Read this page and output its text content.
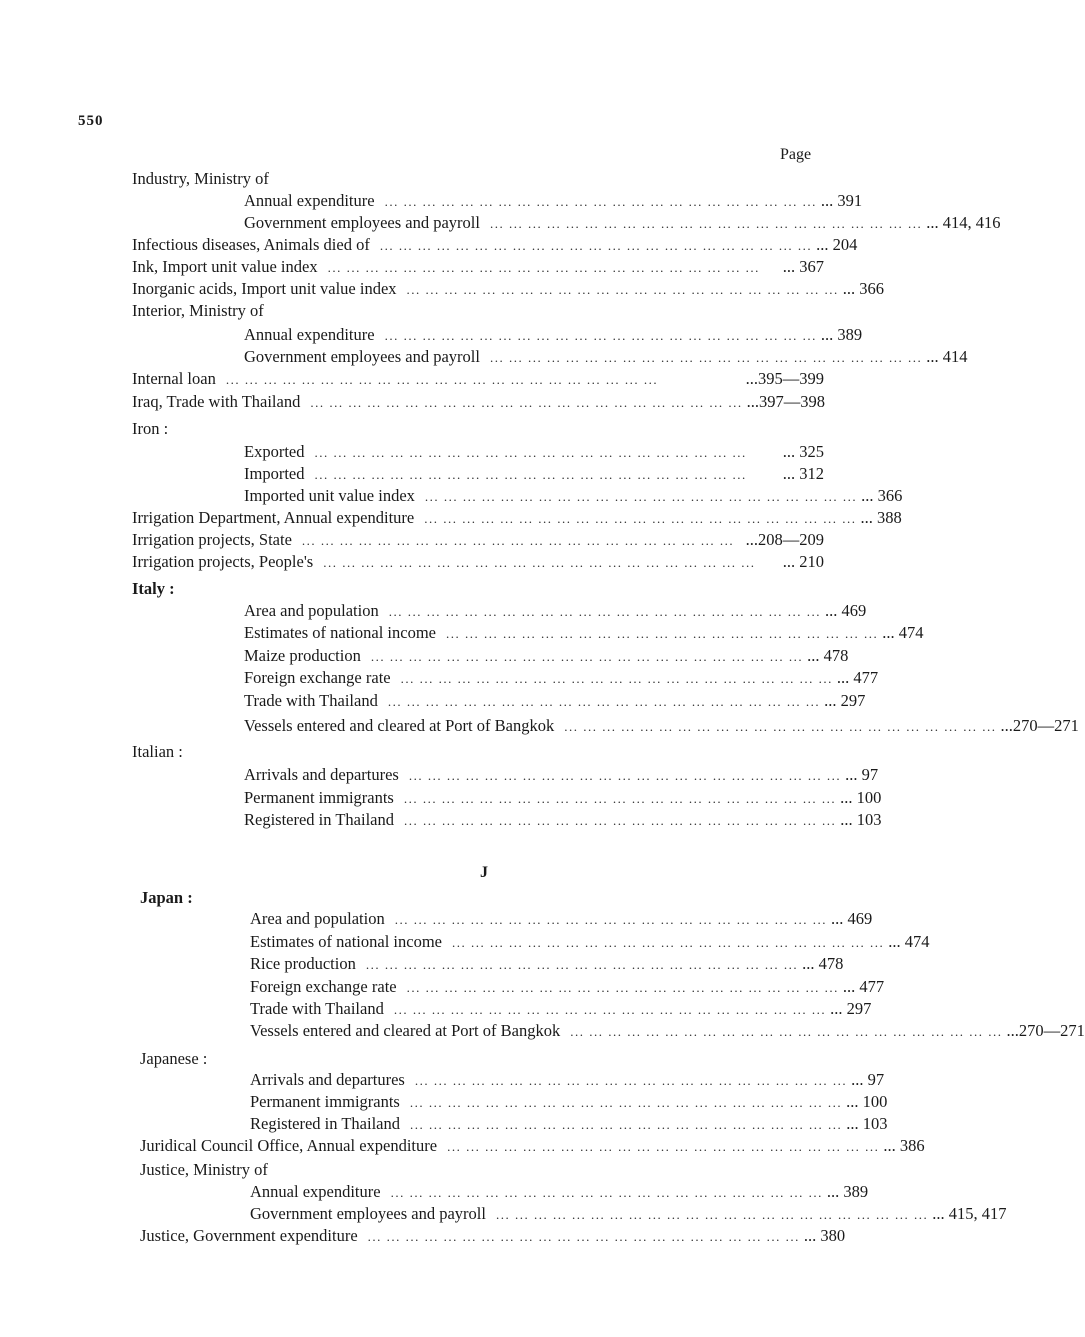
550
Page
J
Industry, Ministry of
Annual expenditure ... ... ... ... ... ... ... ... ... ... ... ... ... ... ... ... ... ... ... ... ... ... ... ... 391
Government employees and payroll ... ... ... ... ... ... ... ... ... ... ... ... ... ... ... ... ... ... ... ... ... ... ... ... 414, 416
Infectious diseases, Animals died of ... ... ... ... ... ... ... ... ... ... ... ... ... ... ... ... ... ... ... ... ... ... ... ... 204
Ink, Import unit value index ... ... ... ... ... ... ... ... ... ... ... ... ... ... ... ... ... ... ... ... ... ... ...	... 367
Inorganic acids, Import unit value index ... ... ... ... ... ... ... ... ... ... ... ... ... ... ... ... ... ... ... ... ... ... ... ... 366
Interior, Ministry of
Annual expenditure ... ... ... ... ... ... ... ... ... ... ... ... ... ... ... ... ... ... ... ... ... ... ... ... 389
Government employees and payroll ... ... ... ... ... ... ... ... ... ... ... ... ... ... ... ... ... ... ... ... ... ... ... ... 414
Internal loan ... ... ... ... ... ... ... ... ... ... ... ... ... ... ... ... ... ... ... ... ... ... ...	...395—399
Iraq, Trade with Thailand ... ... ... ... ... ... ... ... ... ... ... ... ... ... ... ... ... ... ... ... ... ... ... ...397—398
Iron :
Exported ... ... ... ... ... ... ... ... ... ... ... ... ... ... ... ... ... ... ... ... ... ... ...	... 325
Imported ... ... ... ... ... ... ... ... ... ... ... ... ... ... ... ... ... ... ... ... ... ... ...	... 312
Imported unit value index ... ... ... ... ... ... ... ... ... ... ... ... ... ... ... ... ... ... ... ... ... ... ... ... 366
Irrigation Department, Annual expenditure ... ... ... ... ... ... ... ... ... ... ... ... ... ... ... ... ... ... ... ... ... ... ... ... 388
Irrigation projects, State ... ... ... ... ... ... ... ... ... ... ... ... ... ... ... ... ... ... ... ... ... ... ... ...208—209
Irrigation projects, People's ... ... ... ... ... ... ... ... ... ... ... ... ... ... ... ... ... ... ... ... ... ... ...	... 210
Italy :
Area and population ... ... ... ... ... ... ... ... ... ... ... ... ... ... ... ... ... ... ... ... ... ... ... ... 469
Estimates of national income ... ... ... ... ... ... ... ... ... ... ... ... ... ... ... ... ... ... ... ... ... ... ... ... 474
Maize production ... ... ... ... ... ... ... ... ... ... ... ... ... ... ... ... ... ... ... ... ... ... ... ... 478
Foreign exchange rate ... ... ... ... ... ... ... ... ... ... ... ... ... ... ... ... ... ... ... ... ... ... ... ... 477
Trade with Thailand ... ... ... ... ... ... ... ... ... ... ... ... ... ... ... ... ... ... ... ... ... ... ... ... 297
Vessels entered and cleared at Port of Bangkok ... ... ... ... ... ... ... ... ... ... ... ... ... ... ... ... ... ... ... ... ... ... ... ...270—271
Italian :
Arrivals and departures ... ... ... ... ... ... ... ... ... ... ... ... ... ... ... ... ... ... ... ... ... ... ... ... 97
Permanent immigrants ... ... ... ... ... ... ... ... ... ... ... ... ... ... ... ... ... ... ... ... ... ... ... ... 100
Registered in Thailand ... ... ... ... ... ... ... ... ... ... ... ... ... ... ... ... ... ... ... ... ... ... ... ... 103
Japan :
Area and population ... ... ... ... ... ... ... ... ... ... ... ... ... ... ... ... ... ... ... ... ... ... ... ... 469
Estimates of national income ... ... ... ... ... ... ... ... ... ... ... ... ... ... ... ... ... ... ... ... ... ... ... ... 474
Rice production ... ... ... ... ... ... ... ... ... ... ... ... ... ... ... ... ... ... ... ... ... ... ... ... 478
Foreign exchange rate ... ... ... ... ... ... ... ... ... ... ... ... ... ... ... ... ... ... ... ... ... ... ... ... 477
Trade with Thailand ... ... ... ... ... ... ... ... ... ... ... ... ... ... ... ... ... ... ... ... ... ... ... ... 297
Vessels entered and cleared at Port of Bangkok ... ... ... ... ... ... ... ... ... ... ... ... ... ... ... ... ... ... ... ... ... ... ... ...270—271
Japanese :
Arrivals and departures ... ... ... ... ... ... ... ... ... ... ... ... ... ... ... ... ... ... ... ... ... ... ... ... 97
Permanent immigrants ... ... ... ... ... ... ... ... ... ... ... ... ... ... ... ... ... ... ... ... ... ... ... ... 100
Registered in Thailand ... ... ... ... ... ... ... ... ... ... ... ... ... ... ... ... ... ... ... ... ... ... ... ... 103
Juridical Council Office, Annual expenditure ... ... ... ... ... ... ... ... ... ... ... ... ... ... ... ... ... ... ... ... ... ... ... ... 386
Justice, Ministry of
Annual expenditure ... ... ... ... ... ... ... ... ... ... ... ... ... ... ... ... ... ... ... ... ... ... ... ... 389
Government employees and payroll ... ... ... ... ... ... ... ... ... ... ... ... ... ... ... ... ... ... ... ... ... ... ... ... 415, 417
Justice, Government expenditure ... ... ... ... ... ... ... ... ... ... ... ... ... ... ... ... ... ... ... ... ... ... ... ... 380
